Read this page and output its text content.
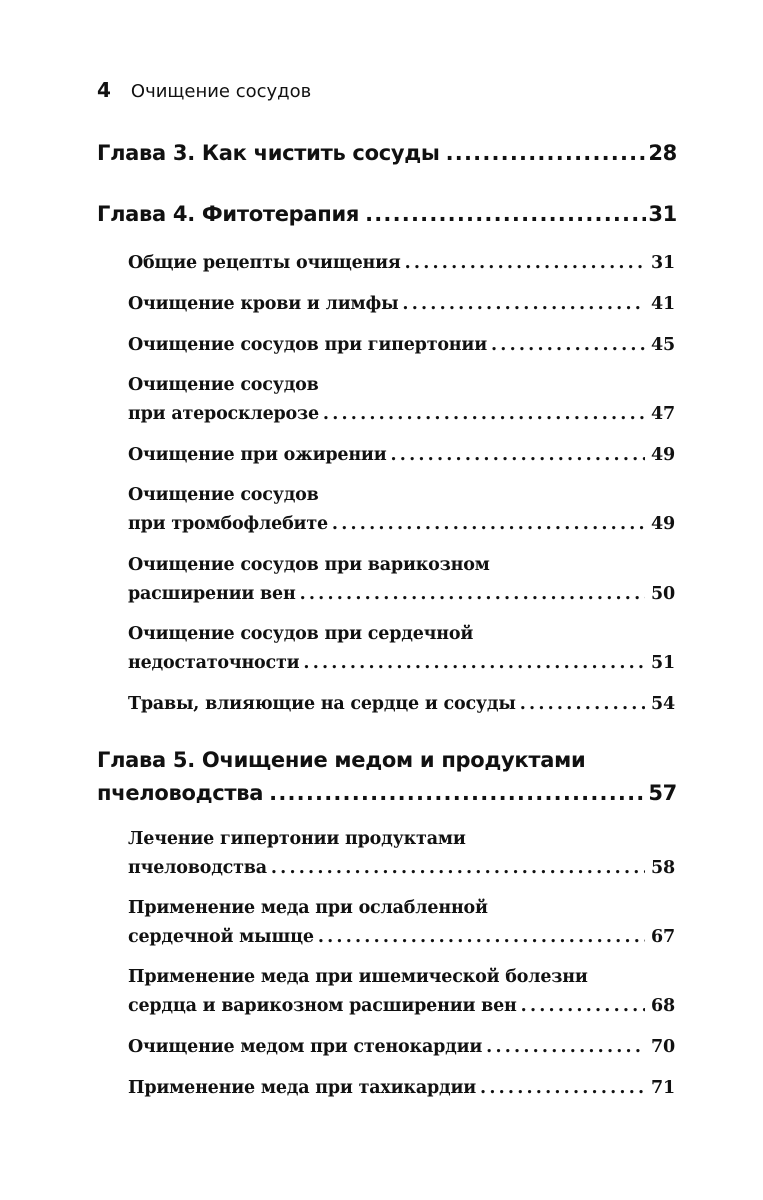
4 Очищение сосудов
Глава 3. Как чистить сосуды .....	28
Глава 4. Фитотерапия .....	31
Общие рецепты очищения .....	31
Очищение крови и лимфы .....	41
Очищение сосудов при гипертонии .....	45
Очищение сосудов
при атеросклерозе .....	47
Очищение при ожирении .....	49
Очищение сосудов
при тромбофлебите .....	49
Очищение сосудов при варикозном
расширении вен .....	50
Очищение сосудов при сердечной
недостаточности .....	51
Травы, влияющие на сердце и сосуды .....	54
Глава 5. Очищение медом и продуктами
пчеловодства .....	57
Лечение гипертонии продуктами
пчеловодства .....	58
Применение меда при ослабленной
сердечной мышце .....	67
Применение меда при ишемической болезни
сердца и варикозном расширении вен .....	68
Очищение медом при стенокардии .....	70
Применение меда при тахикардии .....	71
